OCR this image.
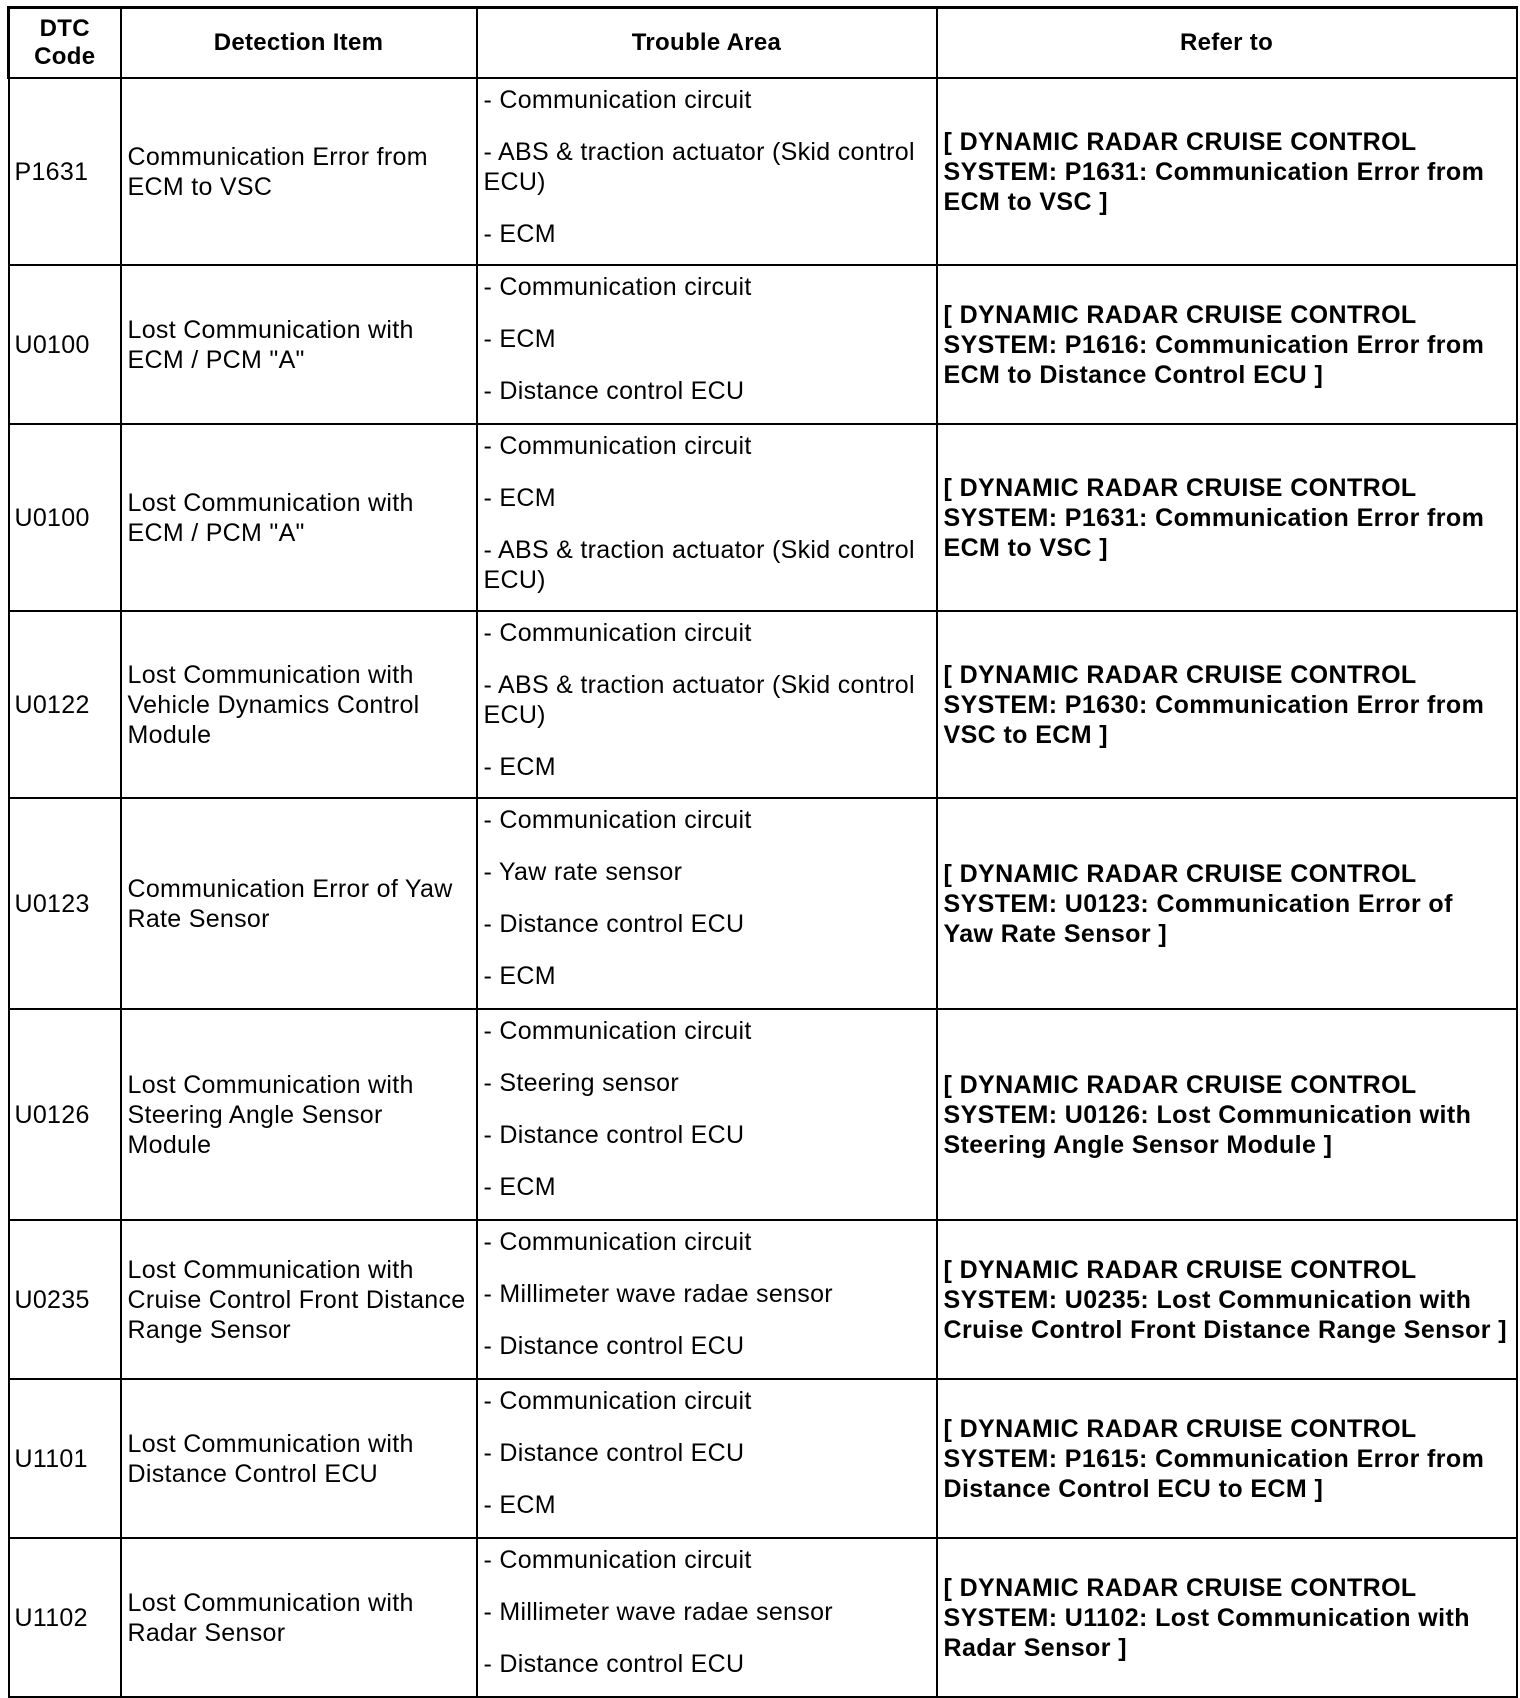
DTC Code	Detection Item	Trouble Area	Refer to
P1631	Communication Error from ECM to VSC	- Communication circuit
- ABS & traction actuator (Skid control ECU)
- ECM	[ DYNAMIC RADAR CRUISE CONTROL SYSTEM: P1631: Communication Error from ECM to VSC ]
U0100	Lost Communication with ECM / PCM "A"	- Communication circuit
- ECM
- Distance control ECU	[ DYNAMIC RADAR CRUISE CONTROL SYSTEM: P1616: Communication Error from ECM to Distance Control ECU ]
U0100	Lost Communication with ECM / PCM "A"	- Communication circuit
- ECM
- ABS & traction actuator (Skid control ECU)	[ DYNAMIC RADAR CRUISE CONTROL SYSTEM: P1631: Communication Error from ECM to VSC ]
U0122	Lost Communication with Vehicle Dynamics Control Module	- Communication circuit
- ABS & traction actuator (Skid control ECU)
- ECM	[ DYNAMIC RADAR CRUISE CONTROL SYSTEM: P1630: Communication Error from VSC to ECM ]
U0123	Communication Error of Yaw Rate Sensor	- Communication circuit
- Yaw rate sensor
- Distance control ECU
- ECM	[ DYNAMIC RADAR CRUISE CONTROL SYSTEM: U0123: Communication Error of Yaw Rate Sensor ]
U0126	Lost Communication with Steering Angle Sensor Module	- Communication circuit
- Steering sensor
- Distance control ECU
- ECM	[ DYNAMIC RADAR CRUISE CONTROL SYSTEM: U0126: Lost Communication with Steering Angle Sensor Module ]
U0235	Lost Communication with Cruise Control Front Distance Range Sensor	- Communication circuit
- Millimeter wave radae sensor
- Distance control ECU	[ DYNAMIC RADAR CRUISE CONTROL SYSTEM: U0235: Lost Communication with Cruise Control Front Distance Range Sensor ]
U1101	Lost Communication with Distance Control ECU	- Communication circuit
- Distance control ECU
- ECM	[ DYNAMIC RADAR CRUISE CONTROL SYSTEM: P1615: Communication Error from Distance Control ECU to ECM ]
U1102	Lost Communication with Radar Sensor	- Communication circuit
- Millimeter wave radae sensor
- Distance control ECU	[ DYNAMIC RADAR CRUISE CONTROL SYSTEM: U1102: Lost Communication with Radar Sensor ]
